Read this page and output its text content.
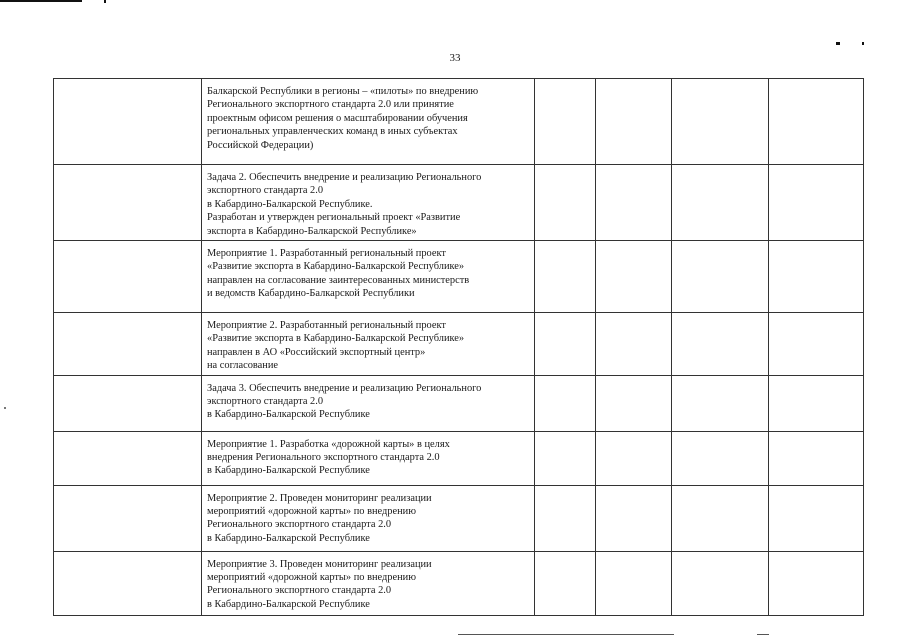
33

	Балкарской Республики в регионы – «пилоты» по внедрению
Регионального экспортного стандарта 2.0 или принятие
проектным офисом решения о масштабировании обучения
региональных управленческих команд в иных субъектах
Российской Федерации)				

	Задача 2. Обеспечить внедрение и реализацию Регионального
экспортного стандарта 2.0
в Кабардино-Балкарской Республике.
Разработан и утвержден региональный проект «Развитие
экспорта в Кабардино-Балкарской Республике»				

	Мероприятие 1. Разработанный региональный проект
«Развитие экспорта в Кабардино-Балкарской Республике»
направлен на согласование заинтересованных министерств
и ведомств Кабардино-Балкарской Республики				

	Мероприятие 2. Разработанный региональный проект
«Развитие экспорта в Кабардино-Балкарской Республике»
направлен в АО «Российский экспортный центр»
на согласование				

	Задача 3. Обеспечить внедрение и реализацию Регионального
экспортного стандарта 2.0
в Кабардино-Балкарской Республике				

	Мероприятие 1. Разработка «дорожной карты» в целях
внедрения Регионального экспортного стандарта 2.0
в Кабардино-Балкарской Республике				

	Мероприятие 2. Проведен мониторинг реализации
мероприятий «дорожной карты» по внедрению
Регионального экспортного стандарта 2.0
в Кабардино-Балкарской Республике				

	Мероприятие 3. Проведен мониторинг реализации
мероприятий «дорожной карты» по внедрению
Регионального экспортного стандарта 2.0
в Кабардино-Балкарской Республике				
